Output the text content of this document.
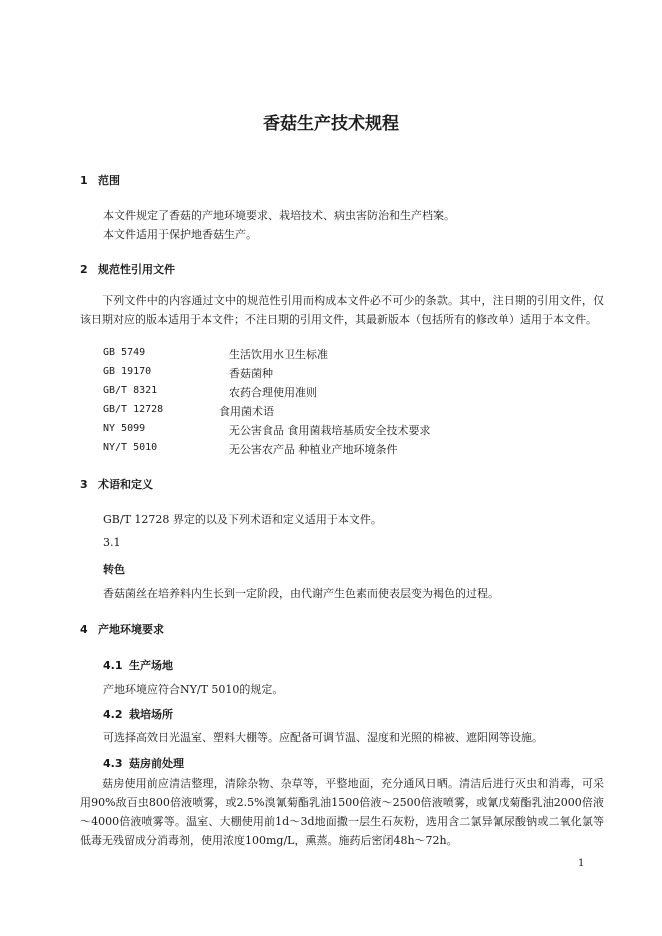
香菇生产技术规程
1 范围
本文件规定了香菇的产地环境要求、栽培技术、病虫害防治和生产档案。
本文件适用于保护地香菇生产。
2 规范性引用文件
下列文件中的内容通过文中的规范性引用而构成本文件必不可少的条款。其中，注日期的引用文件，仅该日期对应的版本适用于本文件；不注日期的引用文件，其最新版本（包括所有的修改单）适用于本文件。
GB 5749	生活饮用水卫生标准
GB 19170	香菇菌种
GB/T 8321	农药合理使用准则
GB/T 12728	食用菌术语
NY 5099	无公害食品 食用菌栽培基质安全技术要求
NY/T 5010	无公害农产品 种植业产地环境条件
3 术语和定义
GB/T 12728 界定的以及下列术语和定义适用于本文件。
3.1
转色
香菇菌丝在培养料内生长到一定阶段，由代谢产生色素而使表层变为褐色的过程。
4 产地环境要求
4.1 生产场地
产地环境应符合NY/T 5010的规定。
4.2 栽培场所
可选择高效日光温室、塑料大棚等。应配备可调节温、湿度和光照的棉被、遮阳网等设施。
4.3 菇房前处理
菇房使用前应清洁整理，清除杂物、杂草等，平整地面，充分通风日晒。清洁后进行灭虫和消毒，可采用90%敌百虫800倍液喷雾，或2.5%溴氰菊酯乳油1500倍液～2500倍液喷雾，或氰戊菊酯乳油2000倍液～4000倍液喷雾等。温室、大棚使用前1d～3d地面撒一层生石灰粉，选用含二氯异氰尿酸钠或二氧化氯等低毒无残留成分消毒剂，使用浓度100mg/L，熏蒸。施药后密闭48h～72h。
1
